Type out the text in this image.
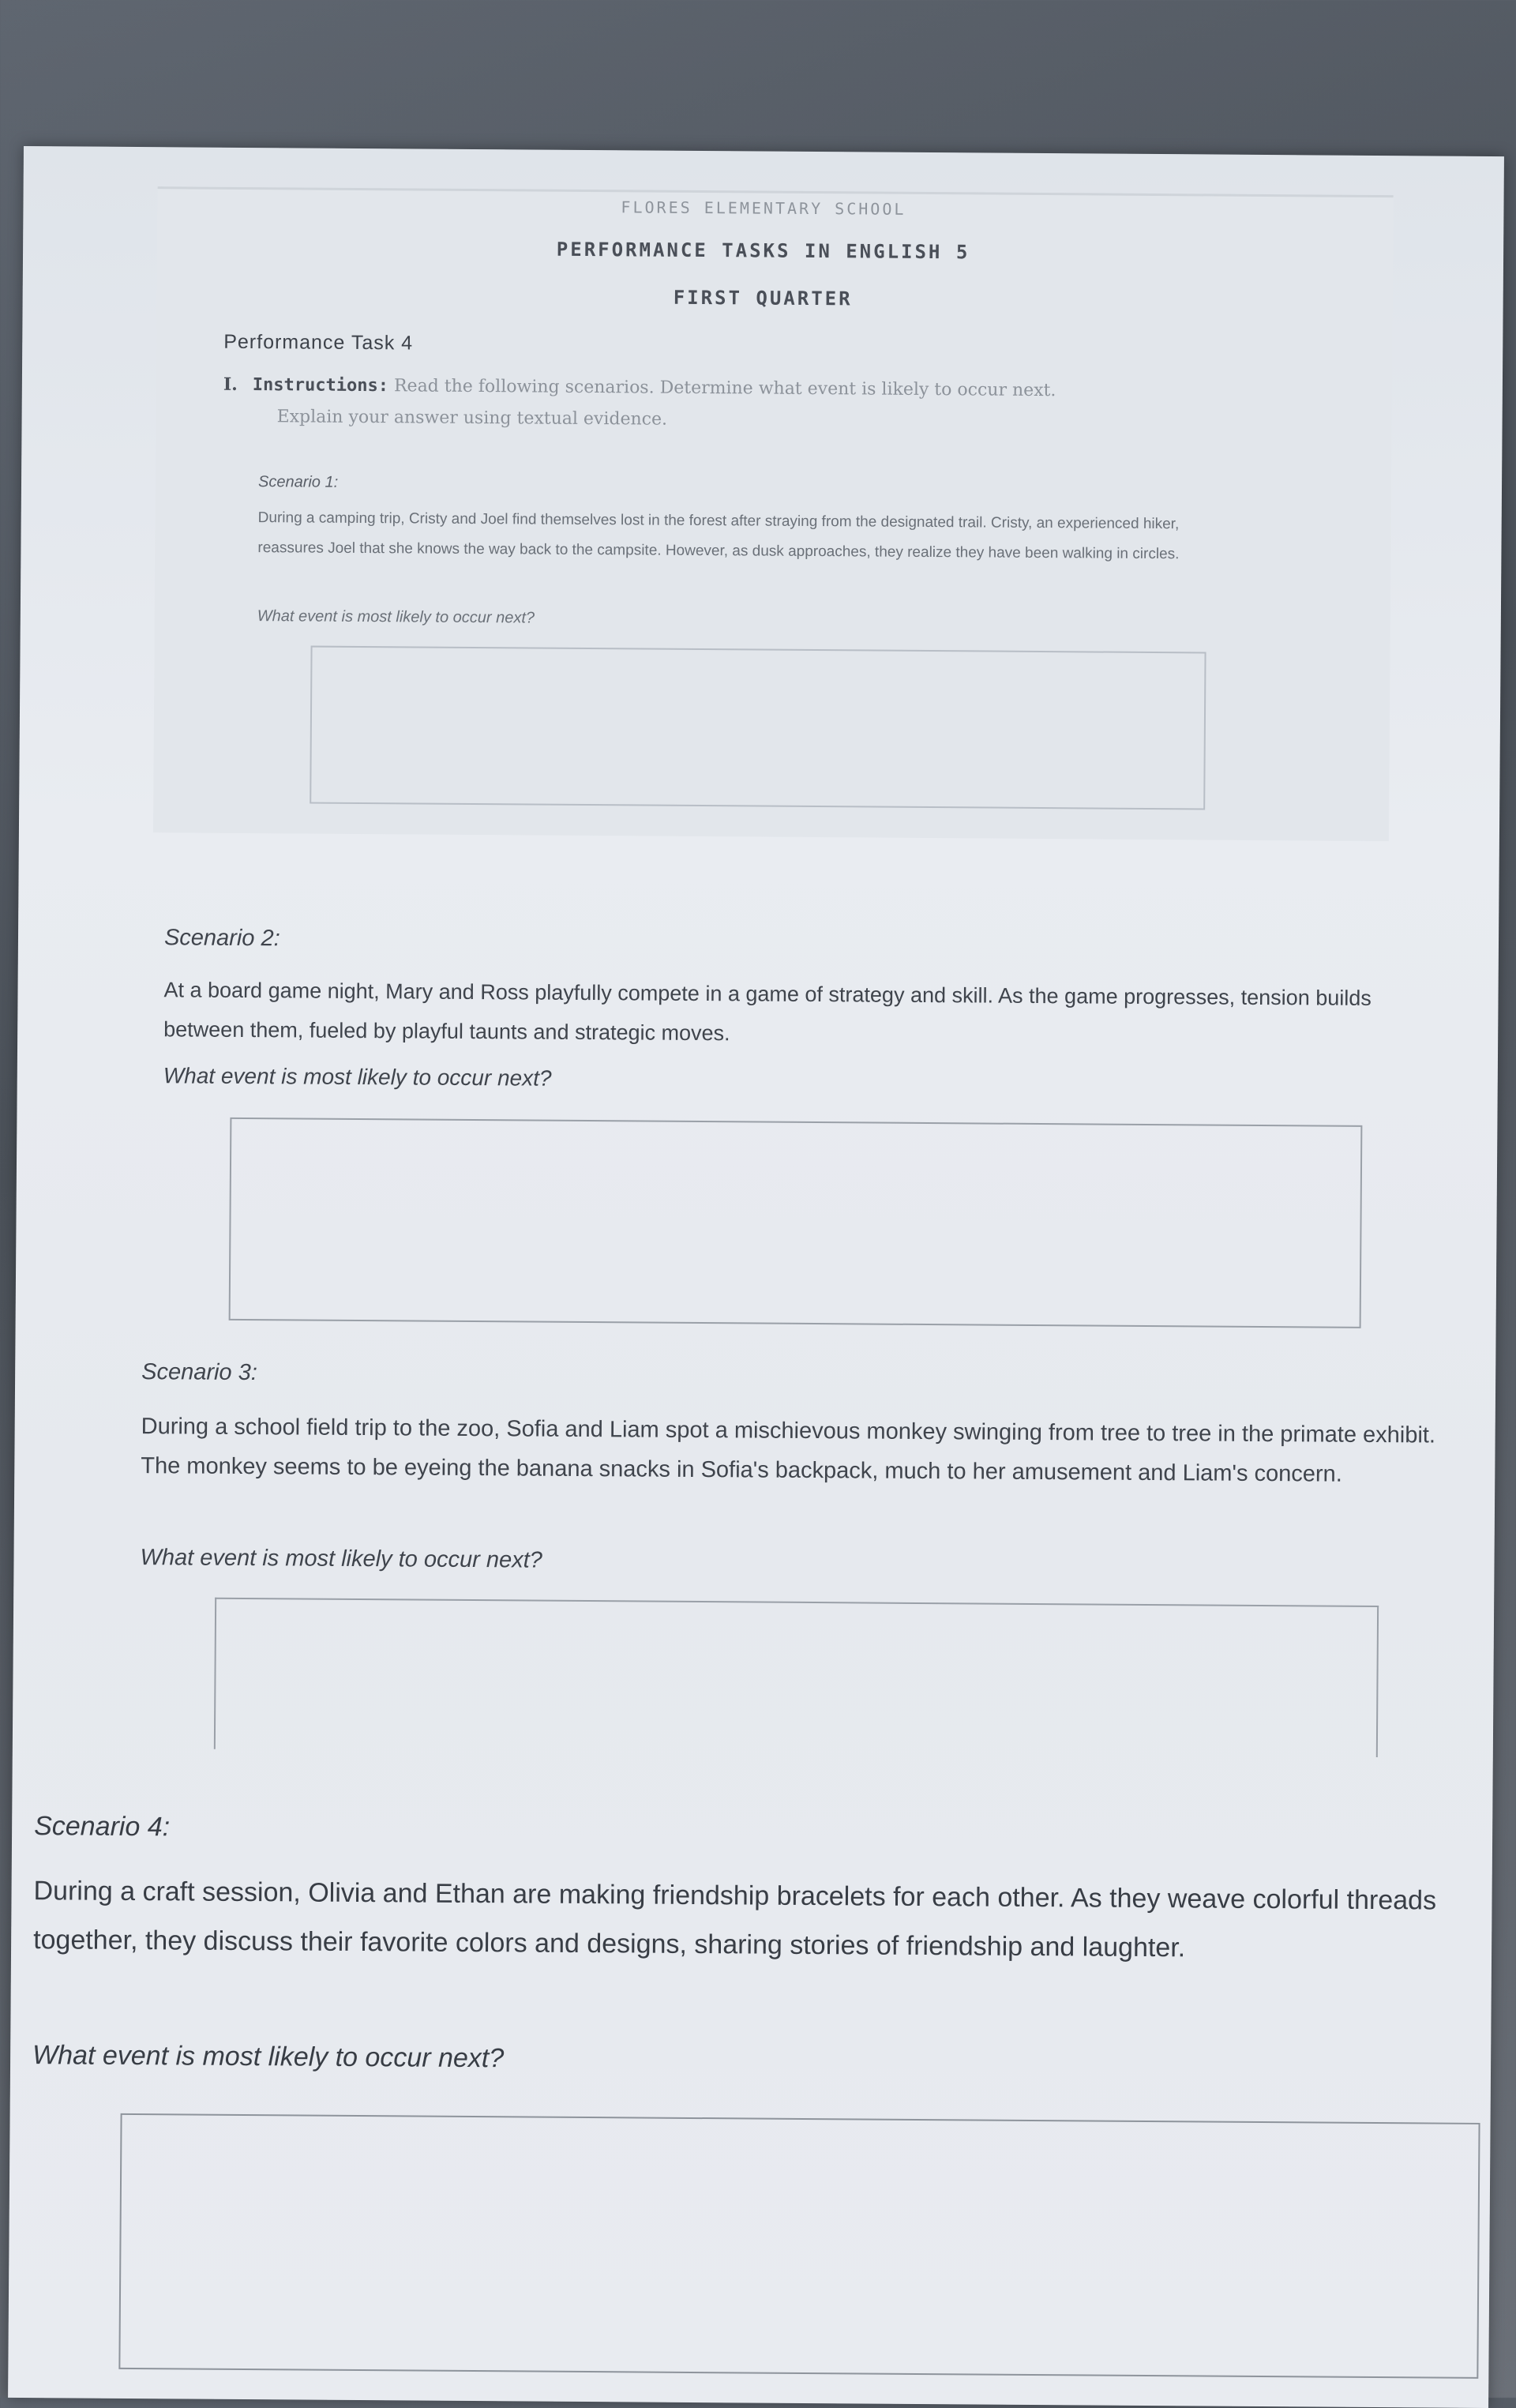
FLORES ELEMENTARY SCHOOL
PERFORMANCE TASKS IN ENGLISH 5
FIRST QUARTER
Performance Task 4
I. Instructions: Read the following scenarios. Determine what event is likely to occur next.
Explain your answer using textual evidence.
Scenario 1:
During a camping trip, Cristy and Joel find themselves lost in the forest after straying from the designated trail. Cristy, an experienced hiker, reassures Joel that she knows the way back to the campsite. However, as dusk approaches, they realize they have been walking in circles.
What event is most likely to occur next?
Scenario 2:
At a board game night, Mary and Ross playfully compete in a game of strategy and skill. As the game progresses, tension builds between them, fueled by playful taunts and strategic moves.
What event is most likely to occur next?
Scenario 3:
During a school field trip to the zoo, Sofia and Liam spot a mischievous monkey swinging from tree to tree in the primate exhibit. The monkey seems to be eyeing the banana snacks in Sofia's backpack, much to her amusement and Liam's concern.
What event is most likely to occur next?
Scenario 4:
During a craft session, Olivia and Ethan are making friendship bracelets for each other. As they weave colorful threads together, they discuss their favorite colors and designs, sharing stories of friendship and laughter.
What event is most likely to occur next?
